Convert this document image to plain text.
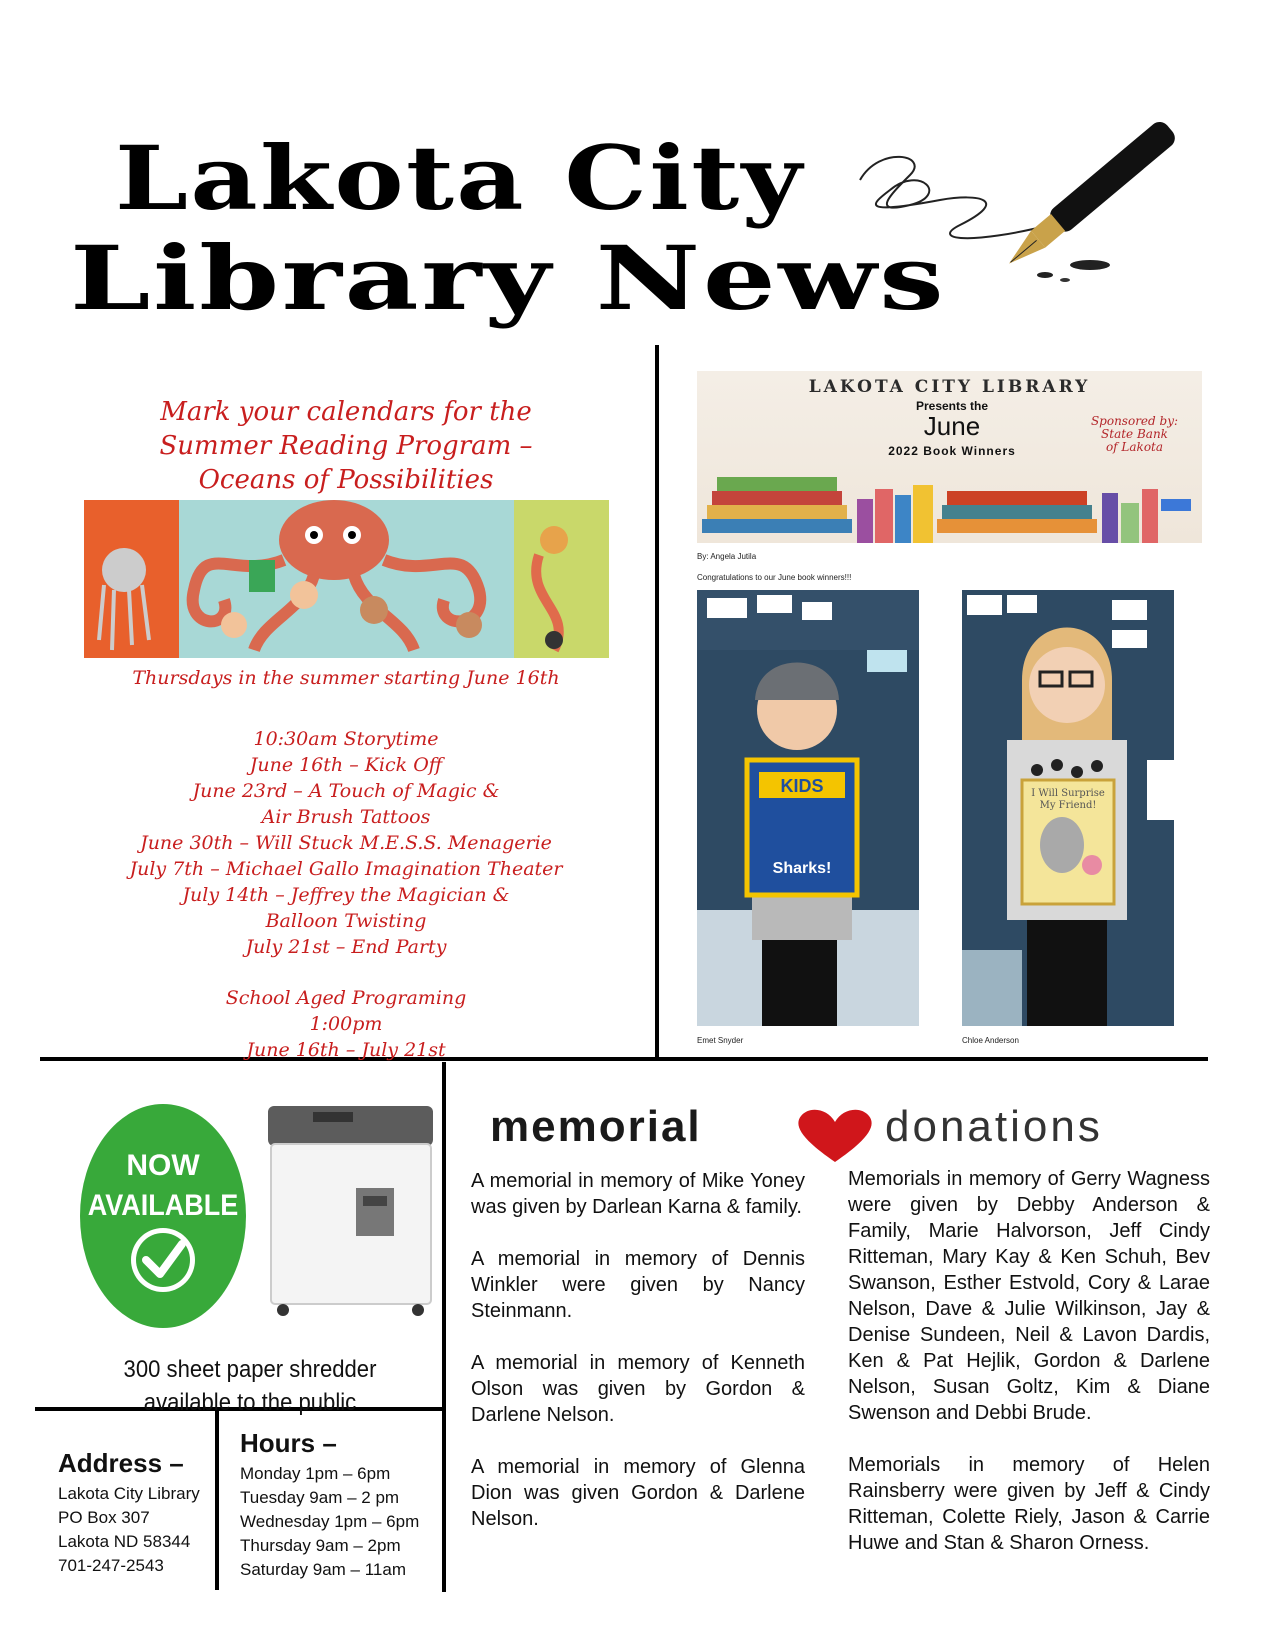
Lakota City
Library News
Mark your calendars for the
Summer Reading Program –
Oceans of Possibilities
Thursdays in the summer starting June 16th
10:30am Storytime
June 16th – Kick Off
June 23rd – A Touch of Magic &
Air Brush Tattoos
June 30th – Will Stuck M.E.S.S. Menagerie
July 7th – Michael Gallo Imagination Theater
July 14th – Jeffrey the Magician &
Balloon Twisting
July 21st – End Party
School Aged Programing
1:00pm
June 16th – July 21st
LAKOTA CITY LIBRARY
Presents the
June
2022 Book Winners
Sponsored by:
State Bank
of Lakota
By: Angela Jutila
Congratulations to our June book winners!!!
KIDS
Sharks!
I Will Surprise My Friend!
Emet Snyder	Chloe Anderson
NOW
AVAILABLE
300 sheet paper shredder
available to the public
Address –
Lakota City Library
PO Box 307
Lakota ND 58344
701-247-2543
Hours –
Monday 1pm – 6pm
Tuesday 9am – 2 pm
Wednesday 1pm – 6pm
Thursday 9am – 2pm
Saturday 9am – 11am
memorial	donations

A memorial in memory of Mike Yoney was given by Darlean Karna & family.

A memorial in memory of Dennis Winkler were given by Nancy Steinmann.

A memorial in memory of Kenneth Olson was given by Gordon & Darlene Nelson.

A memorial in memory of Glenna Dion was given Gordon & Darlene Nelson.

Memorials in memory of Gerry Wagness were given by Debby Anderson & Family, Marie Halvorson, Jeff Cindy Ritteman, Mary Kay & Ken Schuh, Bev Swanson, Esther Estvold, Cory & Larae Nelson, Dave & Julie Wilkinson, Jay & Denise Sundeen, Neil & Lavon Dardis, Ken & Pat Hejlik, Gordon & Darlene Nelson, Susan Goltz, Kim & Diane Swenson and Debbi Brude.

Memorials in memory of Helen Rainsberry were given by Jeff & Cindy Ritteman, Colette Riely, Jason & Carrie Huwe and Stan & Sharon Orness.
